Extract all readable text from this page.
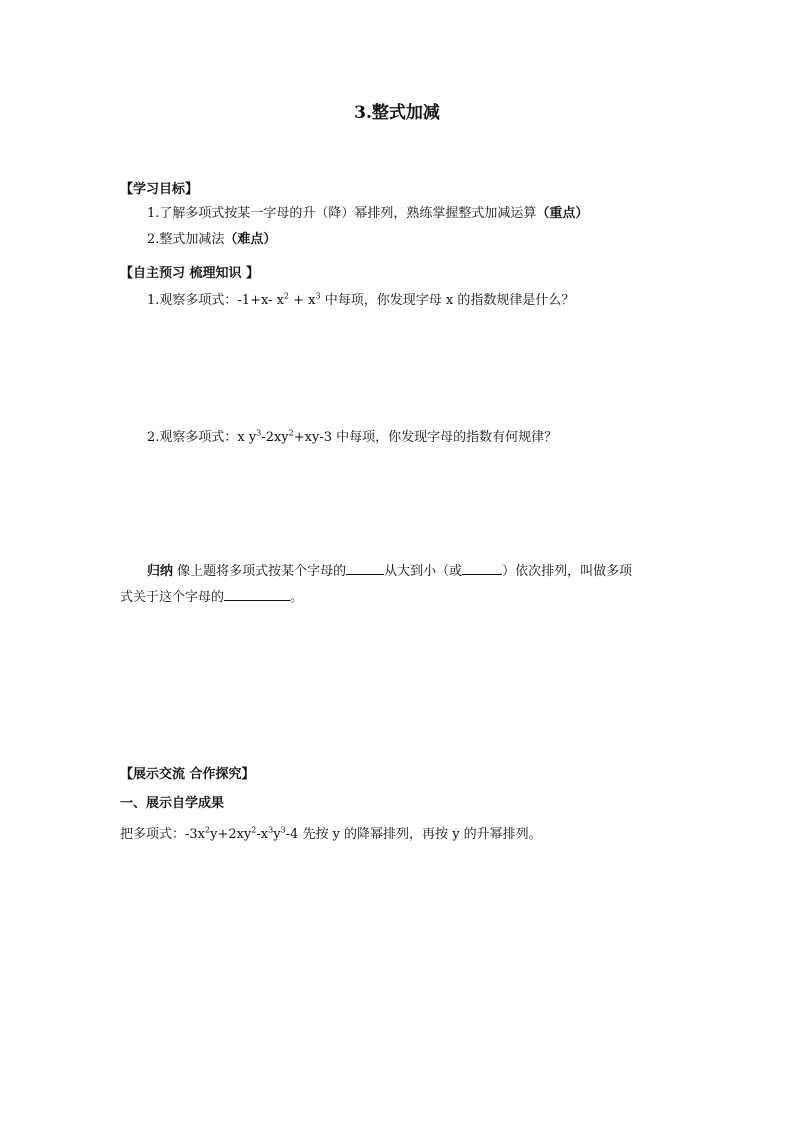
3.整式加减
【学习目标】
1.了解多项式按某一字母的升（降）幂排列，熟练掌握整式加减运算（重点）
2.整式加减法（难点）
【自主预习 梳理知识 】
1.观察多项式：-1+x- $x^2 + x^3$ 中每项，你发现字母 x 的指数规律是什么？
2.观察多项式：x $y^3-2xy^2+xy-3$ 中每项，你发现字母的指数有何规律？
归纳 像上题将多项式按某个字母的	从大到小（或	）依次排列，叫做多项
式关于这个字母的	。
【展示交流 合作探究】
一、展示自学成果
把多项式：$-3x^2y+2xy^2-x^3y^3-4$ 先按 y 的降幂排列，再按 y 的升幂排列。
